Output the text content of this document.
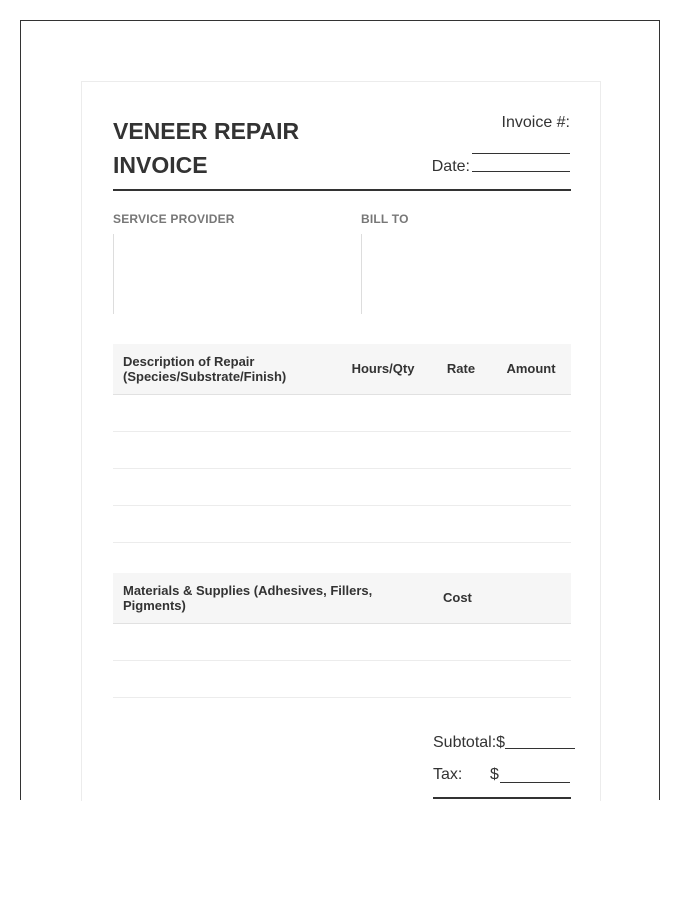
VENEER REPAIR
INVOICE
Invoice #:
Date:
SERVICE PROVIDER	BILL TO
Description of Repair
(Species/Substrate/Finish)	Hours/Qty	Rate	Amount

Materials & Supplies (Adhesives, Fillers,
Pigments)	Cost

Subtotal:$
Tax: $
